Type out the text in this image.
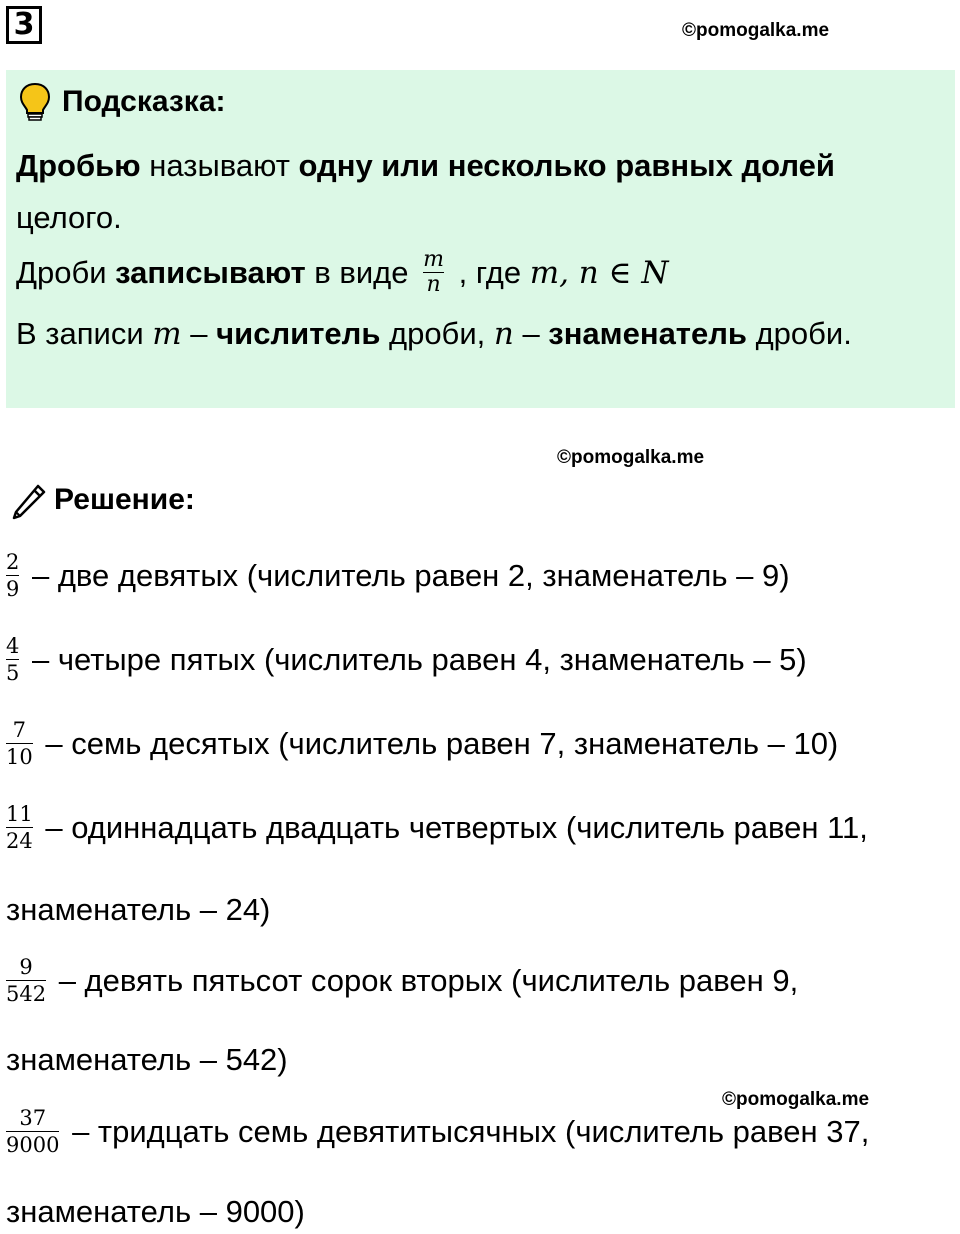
3	©pomogalka.me
Подсказка:
Дробью называют одну или несколько равных долей
целого.
Дроби записывают в виде $\frac{m}{n}$ , где m, n ∈ N
В записи m – числитель дроби, n – знаменатель дроби.
©pomogalka.me
Решение:
$\frac{2}{9}$ – две девятых (числитель равен 2, знаменатель – 9)
$\frac{4}{5}$ – четыре пятых (числитель равен 4, знаменатель – 5)
$\frac{7}{10}$ – семь десятых (числитель равен 7, знаменатель – 10)
$\frac{11}{24}$ – одиннадцать двадцать четвертых (числитель равен 11,
знаменатель – 24)
$\frac{9}{542}$ – девять пятьсот сорок вторых (числитель равен 9,
знаменатель – 542)
©pomogalka.me
$\frac{37}{9000}$ – тридцать семь девятитысячных (числитель равен 37,
знаменатель – 9000)
